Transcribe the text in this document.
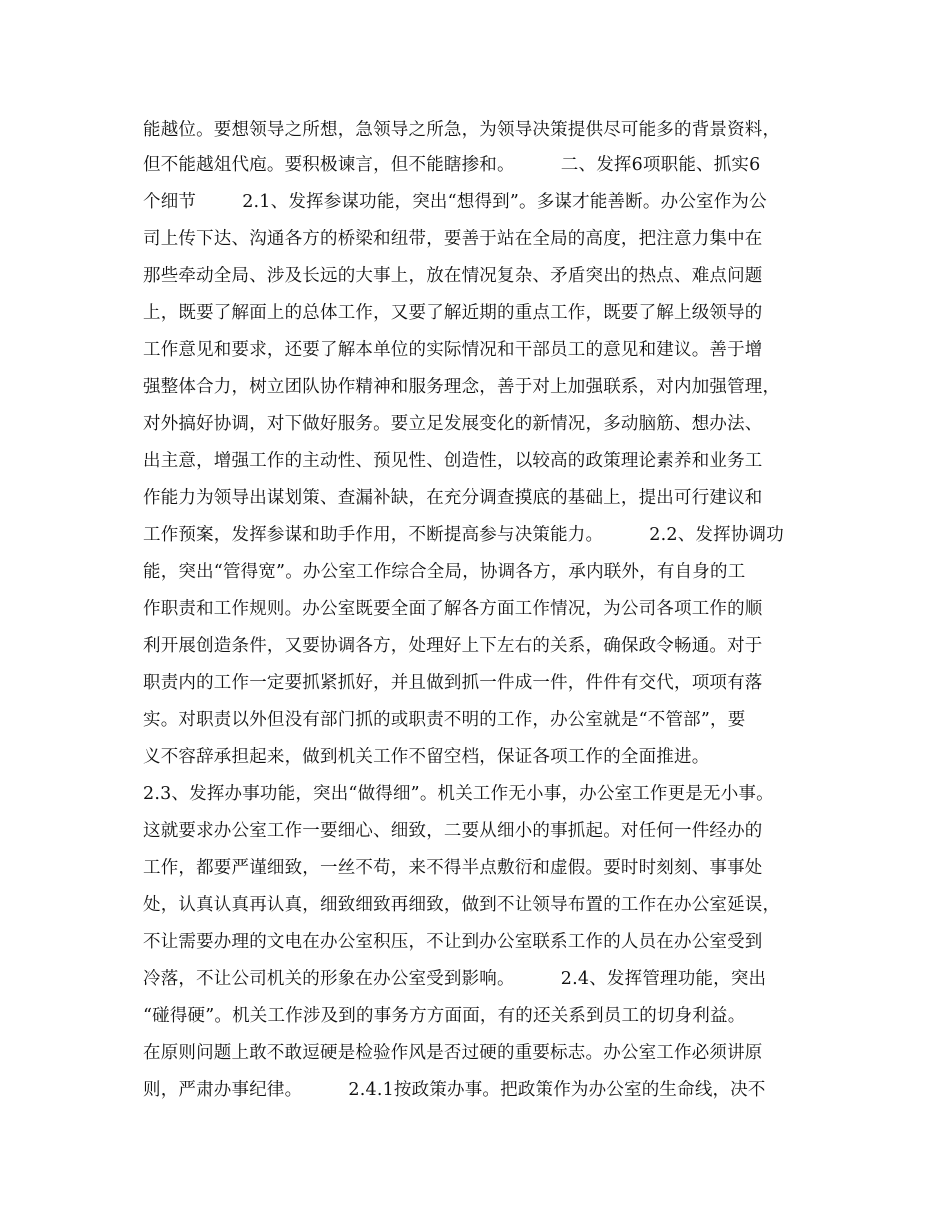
能越位。要想领导之所想，急领导之所急，为领导决策提供尽可能多的背景资料，
但不能越俎代庖。要积极谏言，但不能瞎掺和。        二、发挥6项职能、抓实6
个细节        2.1、发挥参谋功能，突出“想得到”。多谋才能善断。办公室作为公
司上传下达、沟通各方的桥梁和纽带，要善于站在全局的高度，把注意力集中在
那些牵动全局、涉及长远的大事上，放在情况复杂、矛盾突出的热点、难点问题
上，既要了解面上的总体工作，又要了解近期的重点工作，既要了解上级领导的
工作意见和要求，还要了解本单位的实际情况和干部员工的意见和建议。善于增
强整体合力，树立团队协作精神和服务理念，善于对上加强联系，对内加强管理，
对外搞好协调，对下做好服务。要立足发展变化的新情况，多动脑筋、想办法、
出主意，增强工作的主动性、预见性、创造性，以较高的政策理论素养和业务工
作能力为领导出谋划策、查漏补缺，在充分调查摸底的基础上，提出可行建议和
工作预案，发挥参谋和助手作用，不断提高参与决策能力。        2.2、发挥协调功
能，突出“管得宽”。办公室工作综合全局，协调各方，承内联外，有自身的工
作职责和工作规则。办公室既要全面了解各方面工作情况，为公司各项工作的顺
利开展创造条件，又要协调各方，处理好上下左右的关系，确保政令畅通。对于
职责内的工作一定要抓紧抓好，并且做到抓一件成一件，件件有交代，项项有落
实。对职责以外但没有部门抓的或职责不明的工作，办公室就是“不管部”，要
义不容辞承担起来，做到机关工作不留空档，保证各项工作的全面推进。
2.3、发挥办事功能，突出“做得细”。机关工作无小事，办公室工作更是无小事。
这就要求办公室工作一要细心、细致，二要从细小的事抓起。对任何一件经办的
工作，都要严谨细致，一丝不苟，来不得半点敷衍和虚假。要时时刻刻、事事处
处，认真认真再认真，细致细致再细致，做到不让领导布置的工作在办公室延误，
不让需要办理的文电在办公室积压，不让到办公室联系工作的人员在办公室受到
冷落，不让公司机关的形象在办公室受到影响。        2.4、发挥管理功能，突出
“碰得硬”。机关工作涉及到的事务方方面面，有的还关系到员工的切身利益。
在原则问题上敢不敢逗硬是检验作风是否过硬的重要标志。办公室工作必须讲原
则，严肃办事纪律。        2.4.1按政策办事。把政策作为办公室的生命线，决不
